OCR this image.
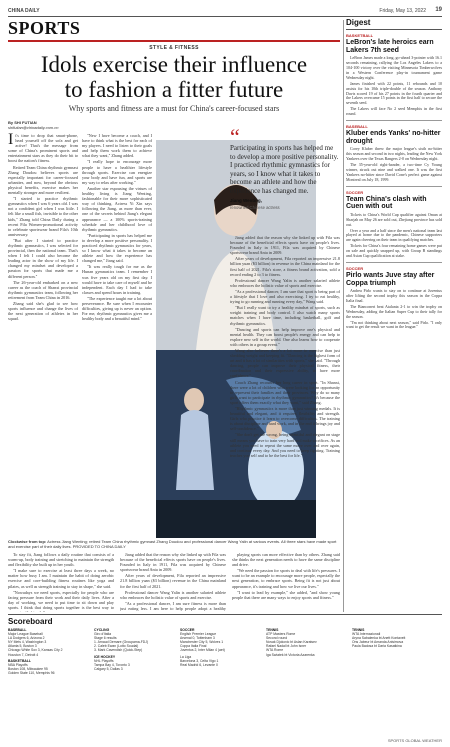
CHINA DAILY	Friday, May 13, 2022 19
SPORTS
STYLE & FITNESS
Idols exercise their influence
to fashion a fitter future
Why sports and fitness are a must for China's career-focused stars
By SHI FUTIAN
shifutian@chinadaily.com.cn
I t's time to drop that smart-phone, head yourself off the sofa and get active! That's the message from some of China's prominent sports and entertainment stars as they do their bit to boost the nation's fitness.

Retired Team China rhythmic gymnast Zhang Doudou believes sports are especially important for career-focused urbanites, and now, beyond the obvious physical benefits, exercise makes her mentally stronger and more resilient.

"I started to practice rhythmic gymnastics when I was 6 years old. I was not a confident girl when I was little. I felt like a small fish, invisible to the other kids," Zhang told China Daily during a recent Fila Women-promotional activity to celebrate sportswear brand Fila's 10th anniversary.

"But after I started to practice rhythmic gymnastics, I was selected for provincial, then the national team. That's when I felt I could also become the leading actor in the show of my life. I changed my mindset and developed a passion for sports that made me a different person."

The 26-year-old embarked on a new career as the coach of Shanxi provincial rhythmic gymnastics team, following her retirement from Team China in 2016.

Zhang said she's glad to see how sports influence and change the lives of the next generation of athletes in her squad.

"New I have become a coach, and I have to think what is the best for each of my players. I need to listen to their goals and help them work them to achieve what they want," Zhang added.

"I really hope to encourage more people to have a healthier lifestyle through sports. Exercise can energize your body and have fun, and sports are my way to relax after working."

Another star espousing the virtues of healthy living is Jiang Wenting, fashionable for their more sophisticated way of thinking. Actress Yi Xin says following the Jiang, as more than ever, one of the secrets behind Jiang's elegant appearance — a 100% sports-training schedule and her childhood love of rhythmic gymnastics.

"Participating in sports has helped me to develop a more positive personality. I practiced rhythmic gymnastics for years, so I know what it takes to become an athlete and how the experience has changed me," Jiang said.

"It was really tough for me as the Hunan gymnastics team. I remember I was five years old on my first day. I would have to take care of myself and be independent. Each day I had to take classes and spend hours in training.

"The experience taught me a lot about perseverance. Be sure when I encounter difficulties, giving up is never an option. For me, rhythmic gymnastics gives me a healthy body and a beautiful mind."

“
Participating in sports has helped me to develop a more positive personality. I practiced rhythmic gymnastics for years, so I know what it takes to become an athlete and how the experience has changed me.
Jiang Wenting,
renowned Chinese actress

Jiang added that the reason why she linked up with Fila was because of the beneficial effects sports have on people's lives. Founded in Italy in 1911, Fila was acquired by Chinese sportswear brand Anta in 2009.

After years of development, Fila reported an impressive 21.8 billion yuan ($3 billion) in revenue in the China mainland for the first half of 2021. Fila's store, a fitness brand activation, sold a record ending 2 to 3 to fitness.

Professional dancer Wang Yalin is another salaried athlete who embraces the holistic value of sports and exercise.

"As a professional dancer, I am sure that sport is being part of a lifestyle that I love and also exercising. I try to eat healthy, trying to go running and running every day," Wang said.

"But I really want to try a healthy mindset of sports, such as weight training and body control. I also watch many sports matches when I have time, including basketball, golf and rhythmic gymnastics.

"Dancing and sports can help improve one's physical and mental health. They can boost people's energy and can help to explore new self in the world. One also learns how to cooperate with others in a group event."

Wang also believes there's a lot more to exercise than just shedding weight and keeping fit. "Dancing is the highest form of art and it has a lot of similarities with sports," she said. "Through dancing, people can improve their physical fitness, their coordination and their expressive ability, to have more confidence."

Coach Zhang recounts her long career in sport. "In Shanxi, there were a lot of children who were looking for an opportunity to represent their families and their provinces. Why do so many girls want to participate in rhythmic gymnastics? It's because the sport offers them exactly what they want," said Zhang.

"Rhythmic gymnastics is more than just winning medals. It is beautiful and elegant, and it requires flexibility and strength. Girls who practice it learn to overcome difficulties. The training is about discipline and hard work, and in the end it brings joy and self-confidence."

"She don't get me wrong, being beautiful and elegant on stage still means you have to train very hard and make sacrifices. As an athlete you need to repeat the same move over and over again, and continue every day. And you need to keep fighting. Training teaches you self and to be the best for life."

Clockwise from top: Actress Jiang Wenting; retired Team China rhythmic gymnast Zhang Doudou and professional dancer Wang Yalin at various events. All three stars have made sport and exercise part of their daily lives. PROVIDED TO CHINA DAILY

To stay fit, Jiang follows a daily routine that consists of a warm-up, body training and stretching to maintain the strength and flexibility she built up in her youth.

"I make sure to exercise at least three days a week, no matter how busy I am. I maintain the habit of doing aerobic exercise and core-building fitness routines like yoga and pilates, as well as strength training to stay in shape," she said.

"Nowadays we need sports, especially for people who are facing pressure from their work and their daily lives. After a day of working, we need to put time to sit down and play sports. I think that doing sports together is the best way to

Jiang added that the reason why she linked up with Fila was because of the beneficial effects sports have on people's lives. Founded in Italy in 1911, Fila was acquired by Chinese sportswear brand Anta in 2009.

After years of development, Fila reported an impressive 21.8 billion yuan ($3 billion) revenue in the China mainland for the first half of 2021.

Professional dancer Wang Yalin is another salaried athlete who embraces the holistic value of sports and exercise.

"As a professional dancer, I am sure fitness is more than just eating less. I am here to help people adopt a healthy

playing sports can more effective than by others. Zhang said she thinks the next generation needs to have the same discipline and drive.

"We need the passion for sports to deal with life's pressures. I want to be an example to encourage more people, especially the next generation, to embrace sports. Being fit is not just about appearance, it's training and how we live our lives."

"I want to lead by example," she added, "and show young people that there are many ways to enjoy sports and fitness."

Digest
BASKETBALL
LeBron's late heroics earn Lakers 7th seed

LeBron James made a long, go-ahead 3-pointer with 16.1 seconds remaining, rallying the Los Angeles Lakers to a 104-100 victory over the visiting Minnesota Timberwolves in a Western Conference play-in tournament game Wednesday night.

James finished with 22 points, 11 rebounds and 10 assists for his 10th triple-double of the season. Anthony Davis scored 19 of his 27 points in the fourth quarter and the Lakers overcame 15 points in the first half to secure the seventh seed.

The Lakers will face No 2 seed Memphis in the first round.

BASEBALL
Kluber ends Yanks' no-hitter drought

Corey Kluber threw the major league's sixth no-hitter this season and second in two nights, leading the New York Yankees over the Texas Rangers 2-0 on Wednesday night.

The 35-year-old right-hander, a two-time Cy Young winner, struck out nine and walked one. It was the first Yankees no-hitter since David Cone's perfect game against Montreal on July 18, 1999.

SOCCER
Team China's clash with Cuen with out

Tickets to China's World Cup qualifier against Oman at Sharjah on May 26 are sold out, Zhejiang province has sold out.

Over a year and a half since the men's national team last played at home due to the pandemic, Chinese supporters are again cheering on their team in qualifying matches.

Tickets for China's four remaining home games were put on sale and quickly snapped up, with Group B standings and Asian Cup qualification at stake.

SOCCER
Pirlo wants Juve stay after Coppa triumph

Andrea Pirlo wants to stay on to continue at Juventus after lifting the second trophy this season in the Coppa Italia final.

The Bianconeri beat Atalanta 2-1 to win the trophy on Wednesday, adding the Italian Super Cup to their tally for the season.

"I'm not thinking about next season," said Pirlo. "I only want to get the result we want in the league."

Scoreboard
BASEBALL
Major League Baseball
LA Dodgers 6, Arizona 2
NY Mets 4, Washington 3
Atlanta 5, Boston 3
Chicago White Sox 3, Kansas City 2
Houston 7, Detroit 4
BASKETBALL
NBA Playoffs
Boston 108, Milwaukee 95
Golden State 110, Memphis 96
CYCLING
Giro d'Italia
Stage 6 results
1. Arnaud Demare (Groupama-FDJ)
2. Caleb Ewan (Lotto Soudal)
3. Mark Cavendish (Quick-Step)
ICE HOCKEY
NHL Playoffs
Tampa Bay 4, Toronto 3
Calgary 5, Dallas 3
SOCCER
English Premier League
Arsenal 0, Tottenham 3
Manchester City 5, Wolves 1
Coppa Italia Final
Juventus 2, Inter Milan 4 (aet)
La Liga
Barcelona 3, Celta Vigo 1
Real Madrid 6, Levante 0
TENNIS
ATP Masters Rome
Second round
Novak Djokovic bt Aslan Karatsev
Rafael Nadal bt John Isner
WTA Rome
Iga Swiatek bt Victoria Azarenka
TENNIS
WTA Internazionali
Aryna Sabalenka bt Anett Kontaveit
Ons Jabeur bt Amanda Anisimova
Paula Badosa bt Daria Kasatkina
SPORTS GLOBAL WEATHER
